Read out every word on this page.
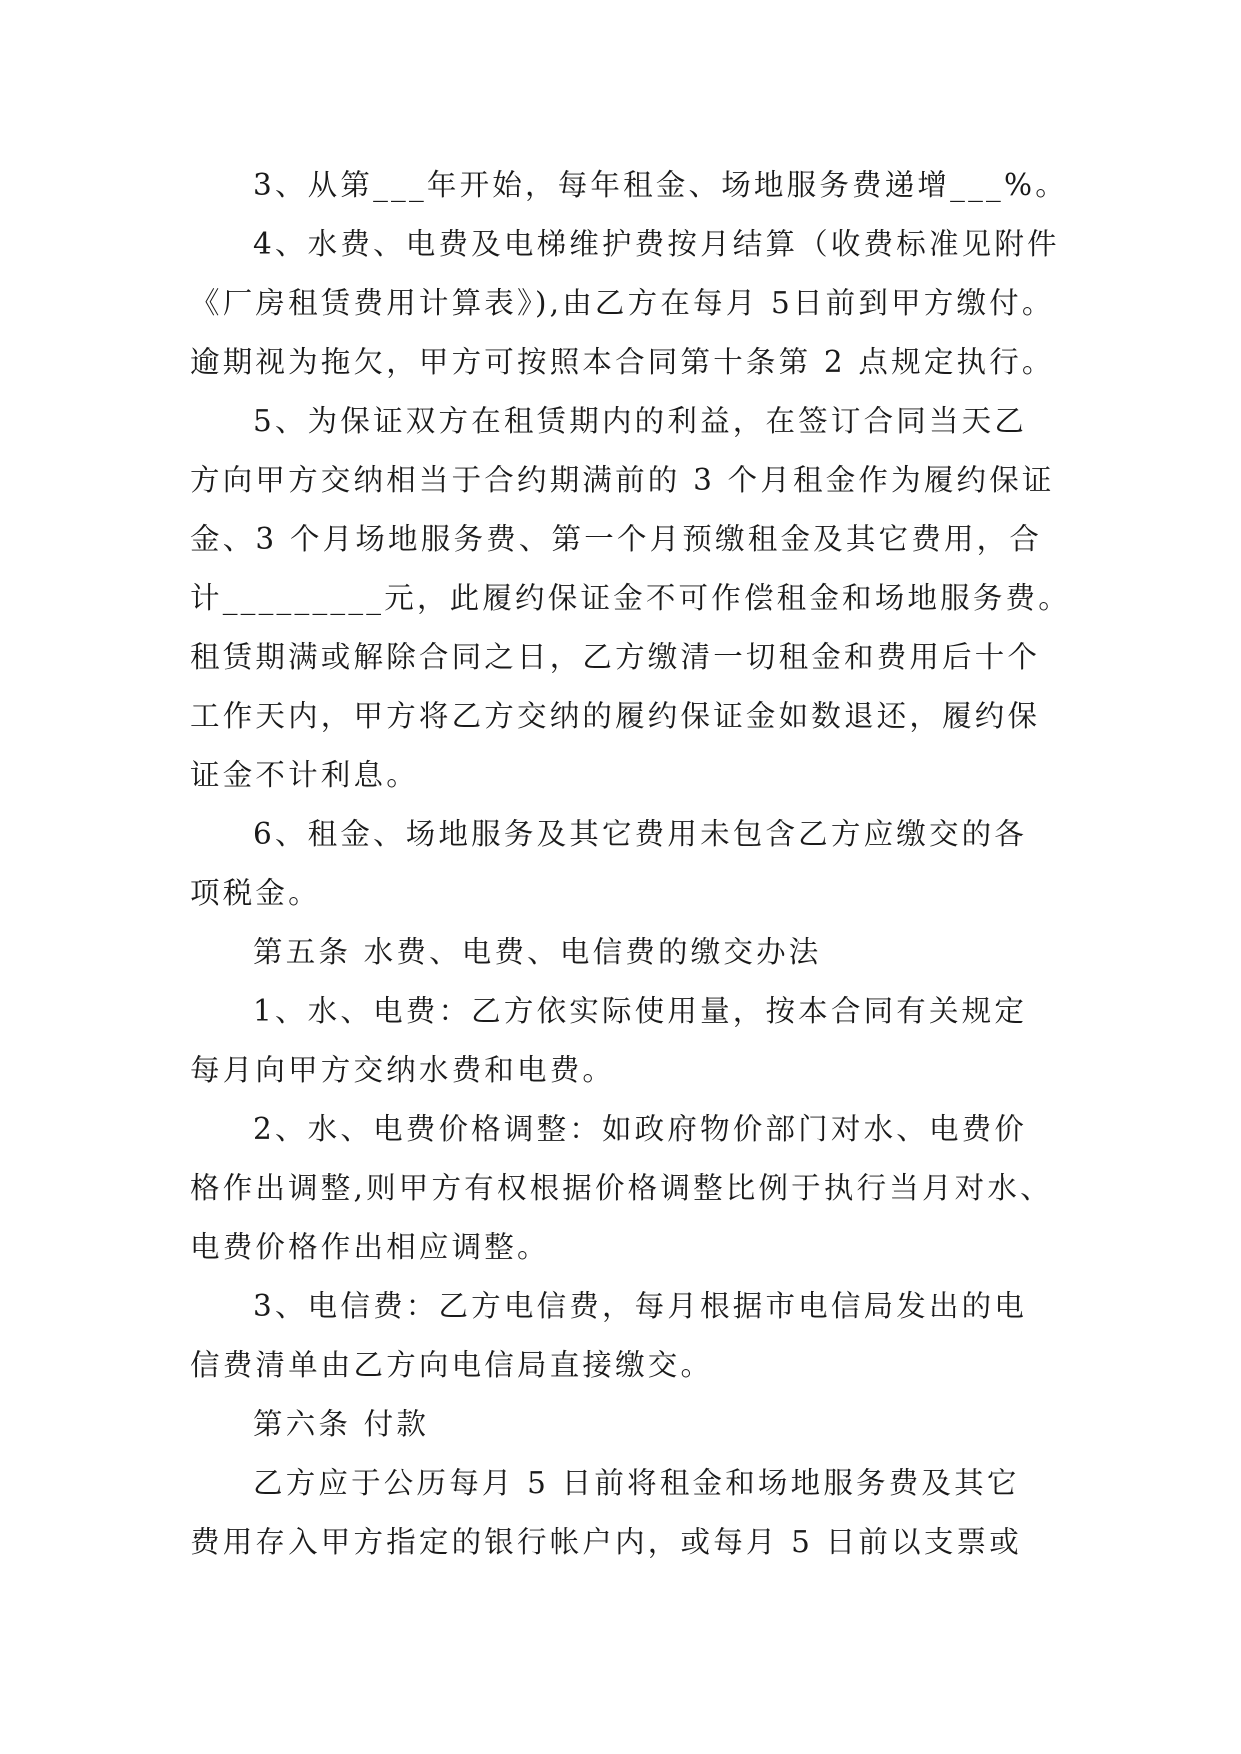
3、从第___年开始，每年租金、场地服务费递增___%。
4、水费、电费及电梯维护费按月结算（收费标准见附件
《厂房租赁费用计算表》),由乙方在每月 5日前到甲方缴付。
逾期视为拖欠，甲方可按照本合同第十条第 2 点规定执行。
5、为保证双方在租赁期内的利益，在签订合同当天乙
方向甲方交纳相当于合约期满前的 3 个月租金作为履约保证
金、3 个月场地服务费、第一个月预缴租金及其它费用，合
计_________元，此履约保证金不可作偿租金和场地服务费。
租赁期满或解除合同之日，乙方缴清一切租金和费用后十个
工作天内，甲方将乙方交纳的履约保证金如数退还，履约保
证金不计利息。
6、租金、场地服务及其它费用未包含乙方应缴交的各
项税金。
第五条 水费、电费、电信费的缴交办法
1、水、电费：乙方依实际使用量，按本合同有关规定
每月向甲方交纳水费和电费。
2、水、电费价格调整：如政府物价部门对水、电费价
格作出调整,则甲方有权根据价格调整比例于执行当月对水、
电费价格作出相应调整。
3、电信费：乙方电信费，每月根据市电信局发出的电
信费清单由乙方向电信局直接缴交。
第六条 付款
乙方应于公历每月 5 日前将租金和场地服务费及其它
费用存入甲方指定的银行帐户内，或每月 5 日前以支票或
